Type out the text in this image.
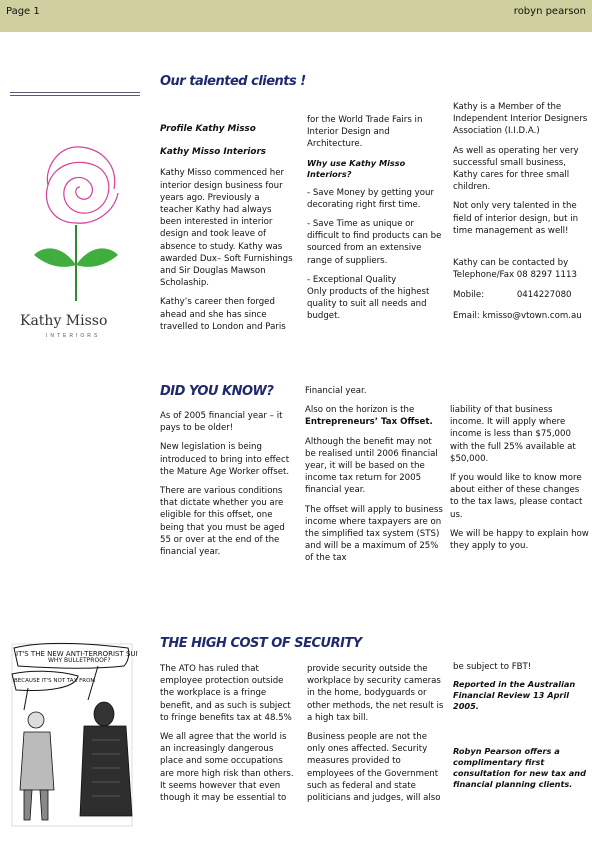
Page 1	robyn pearson
Our talented clients !
Kathy Misso
INTERIORS

Profile Kathy Misso

Kathy Misso Interiors

Kathy Misso commenced her interior design business four years ago. Previously a teacher Kathy had always been interested in interior design and took leave of absence to study. Kathy was awarded Dux– Soft Furnishings and Sir Douglas Mawson Scholaship.

Kathy’s career then forged ahead and she has since travelled to London and Paris

for the World Trade Fairs in Interior Design and Architecture.

Why use Kathy Misso Interiors?

- Save Money by getting your decorating right first time.

- Save Time as unique or difficult to find products can be sourced from an extensive range of suppliers.

- Exceptional Quality

Only products of the highest quality to suit all needs and budget.

Kathy is a Member of the Independent Interior Designers Association (I.I.D.A.)

As well as operating her very successful small business, Kathy cares for three small children.

Not only very talented in the field of interior design, but in time management as well!

Kathy can be contacted by Telephone/Fax 08 8297 1113

Mobile:	0414227080

Email: kmisso@vtown.com.au

DID YOU KNOW?

As of 2005 financial year – it pays to be older!

New legislation is being introduced to bring into effect the Mature Age Worker offset.

There are various conditions that dictate whether you are eligible for this offset, one being that you must be aged 55 or over at the end of the financial year.

Financial year.

Also on the horizon is the Entrepreneurs’ Tax Offset.

Although the benefit may not be realised until 2006 financial year, it will be based on the income tax return for 2005 financial year.

The offset will apply to business income where taxpayers are on the simplified tax system (STS) and will be a maximum of 25% of the tax

liability of that business income. It will apply where income is less than $75,000 with the full 25% available at $50,000.

If you would like to know more about either of these changes to the tax laws, please contact us.

We will be happy to explain how they apply to you.

THE HIGH COST OF SECURITY
IT'S THE NEW ANTI-TERRORIST SUIT
WHY BULLETPROOF?
BECAUSE IT'S NOT TAX FROM

The ATO has ruled that employee protection outside the workplace is a fringe benefit, and as such is subject to fringe benefits tax at 48.5%

We all agree that the world is an increasingly dangerous place and some occupations are more high risk than others. It seems however that even though it may be essential to

provide security outside the workplace by security cameras in the home, bodyguards or other methods, the net result is a high tax bill.

Business people are not the only ones affected. Security measures provided to employees of the Government such as federal and state politicians and judges, will also

be subject to FBT!

Reported in the Australian Financial Review 13 April 2005.

Robyn Pearson offers a complimentary first consultation for new tax and financial planning clients.
